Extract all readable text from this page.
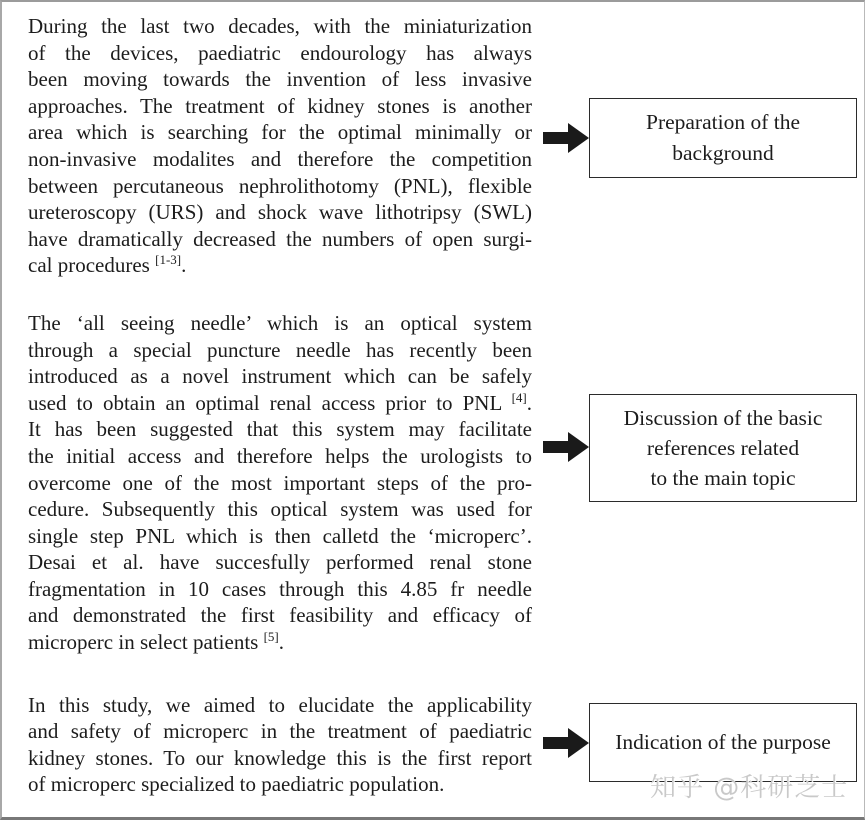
During the last two decades, with the miniaturization
of the devices, paediatric endourology has always
been moving towards the invention of less invasive
approaches. The treatment of kidney stones is another
area which is searching for the optimal minimally or
non-invasive modalites and therefore the competition
between percutaneous nephrolithotomy (PNL), flexible
ureteroscopy (URS) and shock wave lithotripsy (SWL)
have dramatically decreased the numbers of open surgi-
cal procedures [1-3].
The ‘all seeing needle’ which is an optical system
through a special puncture needle has recently been
introduced as a novel instrument which can be safely
used to obtain an optimal renal access prior to PNL [4].
It has been suggested that this system may facilitate
the initial access and therefore helps the urologists to
overcome one of the most important steps of the pro-
cedure. Subsequently this optical system was used for
single step PNL which is then calletd the ‘microperc’.
Desai et al. have succesfully performed renal stone
fragmentation in 10 cases through this 4.85 fr needle
and demonstrated the first feasibility and efficacy of
microperc in select patients [5].
In this study, we aimed to elucidate the applicability
and safety of microperc in the treatment of paediatric
kidney stones. To our knowledge this is the first report
of microperc specialized to paediatric population.
Preparation of the
background
Discussion of the basic
references related
to the main topic
Indication of the purpose
知乎 @科研芝士
